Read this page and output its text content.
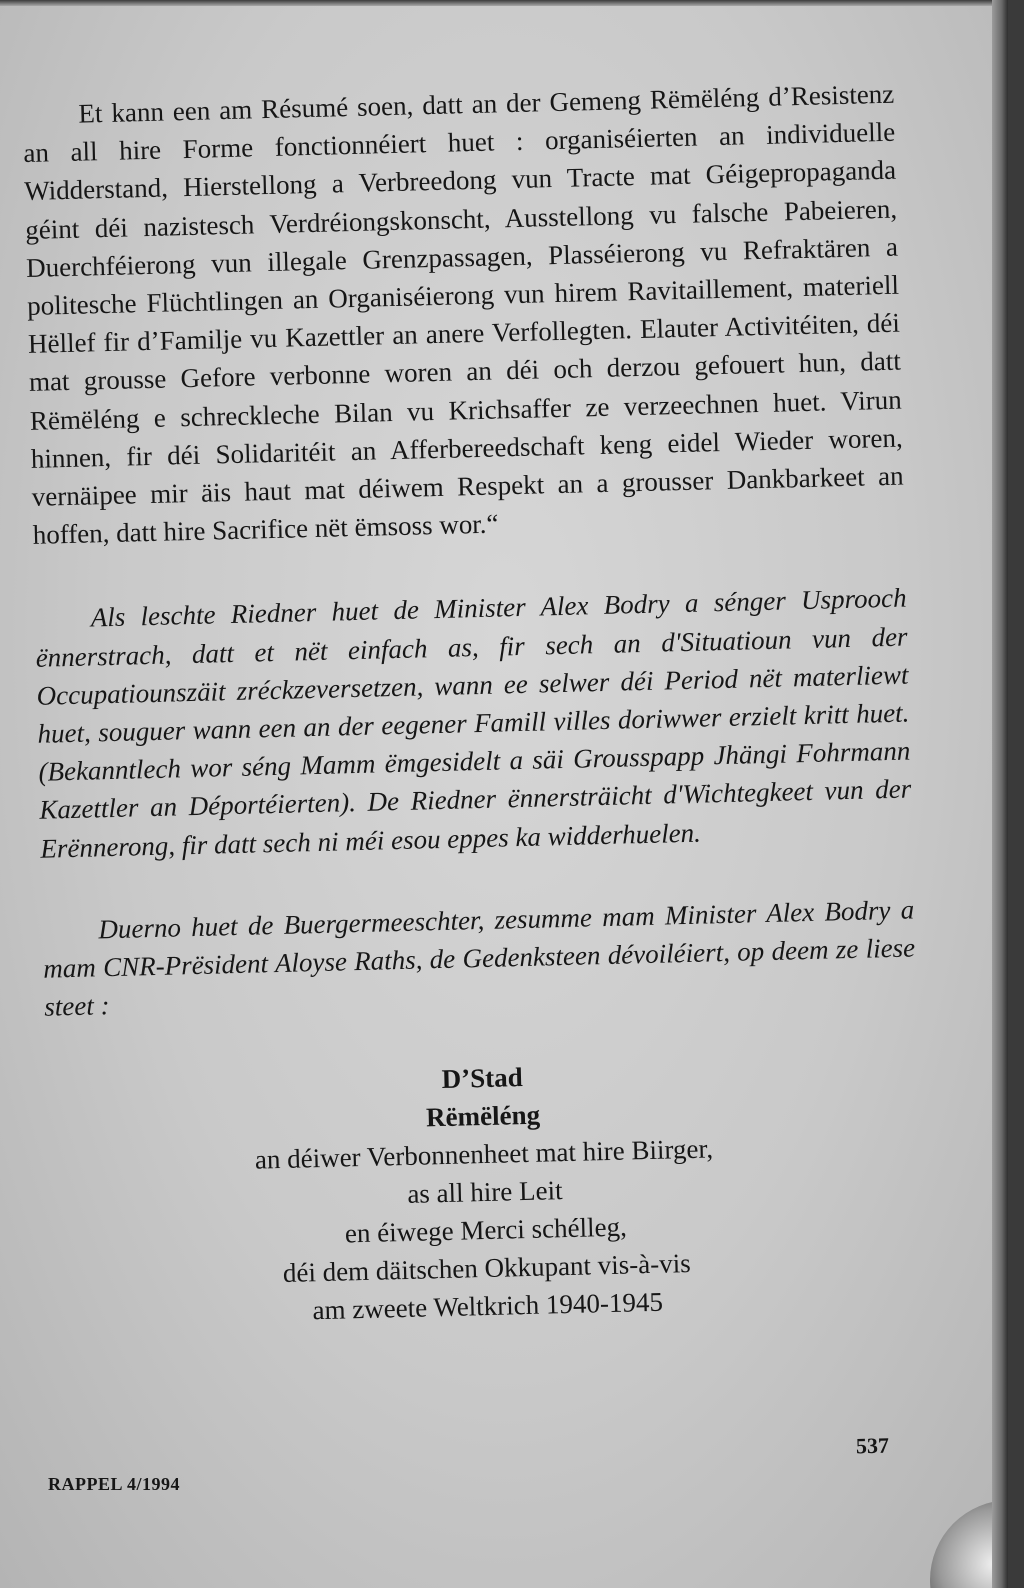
Et kann een am Résumé soen, datt an der Gemeng Rëmëléng d’Resistenz an all hire Forme fonctionnéiert huet : organiséierten an individuelle Widderstand, Hierstellong a Verbreedong vun Tracte mat Géigepropaganda géint déi nazistesch Verdréiongskonscht, Ausstellong vu falsche Pabeieren, Duerchféierong vun illegale Grenzpassagen, Plasséierong vu Refraktären a politesche Flüchtlingen an Organiséierong vun hirem Ravitaillement, materiell Hëllef fir d’Familje vu Kazettler an anere Verfollegten. Elauter Activitéiten, déi mat grousse Gefore verbonne woren an déi och derzou gefouert hun, datt Rëmëléng e schreckleche Bilan vu Krichsaffer ze verzeechnen huet. Virun hinnen, fir déi Solidaritéit an Afferbereedschaft keng eidel Wieder woren, vernäipee mir äis haut mat déiwem Respekt an a grousser Dankbarkeet an hoffen, datt hire Sacrifice nët ëmsoss wor.“

Als leschte Riedner huet de Minister Alex Bodry a sénger Usprooch ënnerstrach, datt et nët einfach as, fir sech an d'Situatioun vun der Occupatiounszäit zréckzeversetzen, wann ee selwer déi Period nët materliewt huet, souguer wann een an der eegener Famill villes doriwwer erzielt kritt huet. (Bekanntlech wor séng Mamm ëmgesidelt a säi Grousspapp Jhängi Fohrmann Kazettler an Déportéierten). De Riedner ënnersträicht d'Wichtegkeet vun der Erënnerong, fir datt sech ni méi esou eppes ka widderhuelen.

Duerno huet de Buergermeeschter, zesumme mam Minister Alex Bodry a mam CNR-Prësident Aloyse Raths, de Gedenksteen dévoiléiert, op deem ze liese steet :

D’Stad
Rëmëléng
an déiwer Verbonnenheet mat hire Biirger,
as all hire Leit
en éiwege Merci schélleg,
déi dem däitschen Okkupant vis-à-vis
am zweete Weltkrich 1940-1945
537
RAPPEL 4/1994
